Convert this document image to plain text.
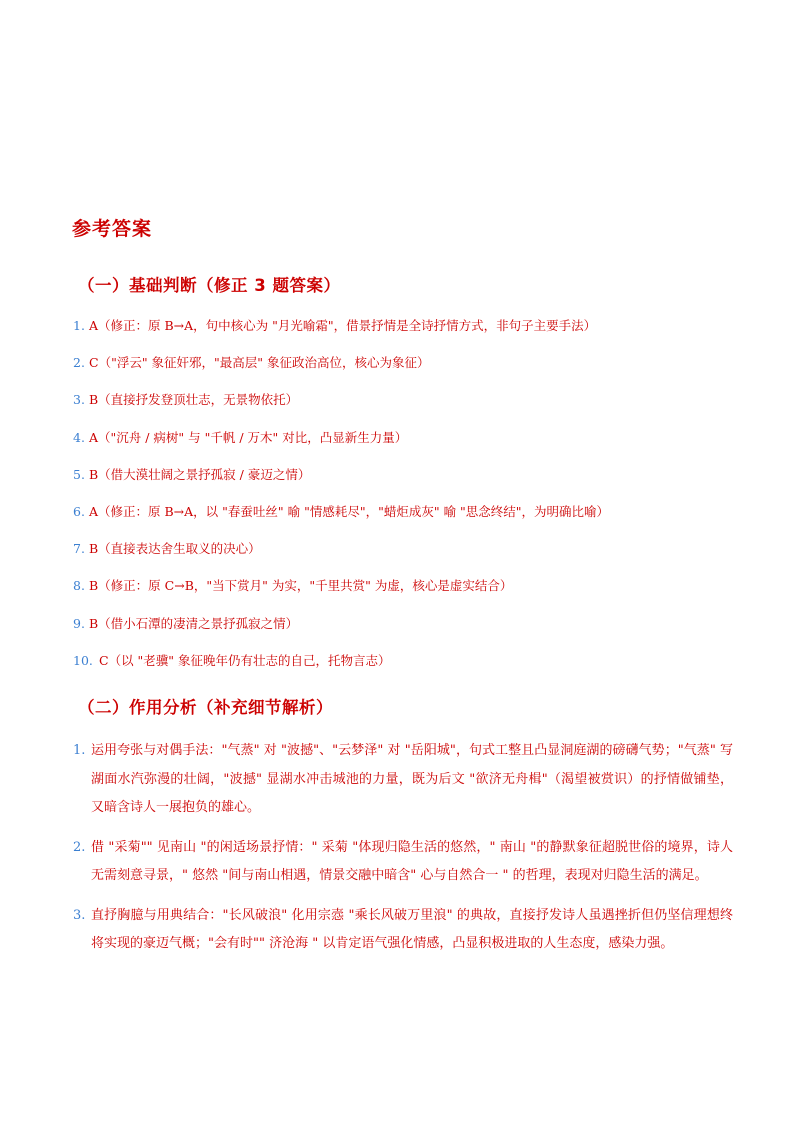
参考答案
（一）基础判断（修正 3 题答案）
1. A（修正：原 B→A，句中核心为 "月光喻霜"，借景抒情是全诗抒情方式，非句子主要手法）
2. C（"浮云" 象征奸邪，"最高层" 象征政治高位，核心为象征）
3. B（直接抒发登顶壮志，无景物依托）
4. A（"沉舟 / 病树" 与 "千帆 / 万木" 对比，凸显新生力量）
5. B（借大漠壮阔之景抒孤寂 / 豪迈之情）
6. A（修正：原 B→A，以 "春蚕吐丝" 喻 "情感耗尽"，"蜡炬成灰" 喻 "思念终结"，为明确比喻）
7. B（直接表达舍生取义的决心）
8. B（修正：原 C→B，"当下赏月" 为实，"千里共赏" 为虚，核心是虚实结合）
9. B（借小石潭的凄清之景抒孤寂之情）
10. C（以 "老骥" 象征晚年仍有壮志的自己，托物言志）
（二）作用分析（补充细节解析）
1. 运用夸张与对偶手法："气蒸" 对 "波撼"、"云梦泽" 对 "岳阳城"，句式工整且凸显洞庭湖的磅礴气势；"气蒸" 写湖面水汽弥漫的壮阔，"波撼" 显湖水冲击城池的力量，既为后文 "欲济无舟楫"（渴望被赏识）的抒情做铺垫，又暗含诗人一展抱负的雄心。
2. 借 "采菊"" 见南山 "的闲适场景抒情：" 采菊 "体现归隐生活的悠然，" 南山 "的静默象征超脱世俗的境界，诗人无需刻意寻景，" 悠然 "间与南山相遇，情景交融中暗含" 心与自然合一 " 的哲理，表现对归隐生活的满足。
3. 直抒胸臆与用典结合："长风破浪" 化用宗悫 "乘长风破万里浪" 的典故，直接抒发诗人虽遇挫折但仍坚信理想终将实现的豪迈气概；"会有时"" 济沧海 " 以肯定语气强化情感，凸显积极进取的人生态度，感染力强。
